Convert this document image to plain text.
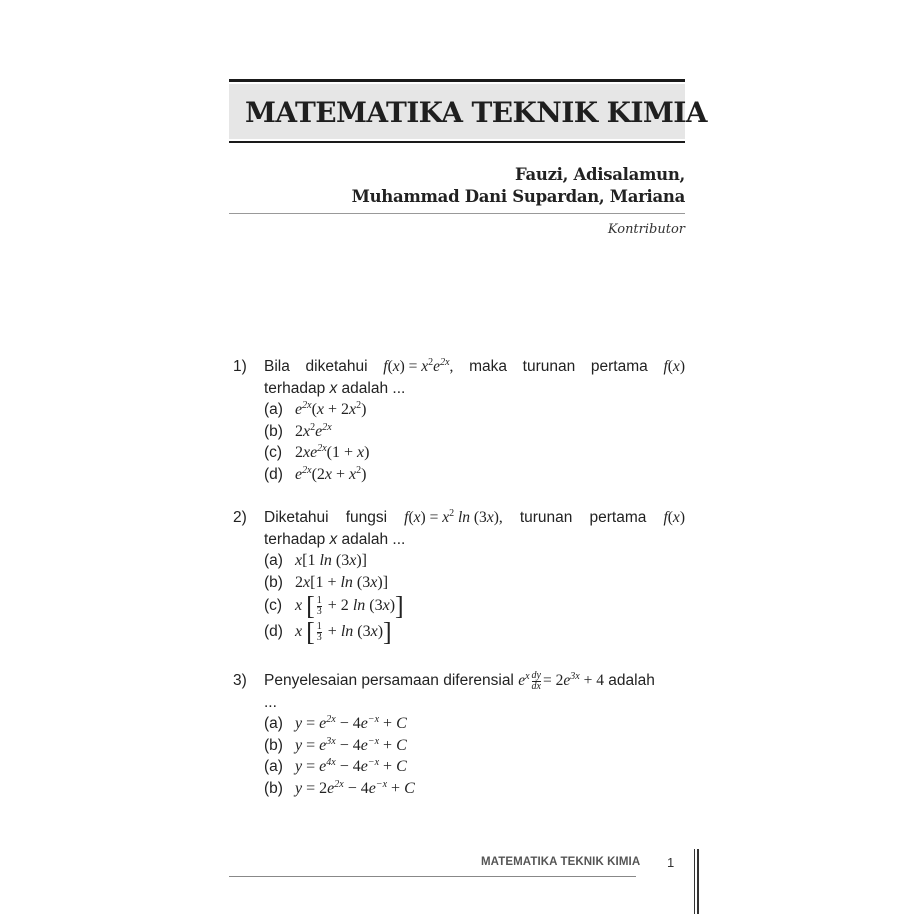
MATEMATIKA TEKNIK KIMIA
Fauzi, Adisalamun,
Muhammad Dani Supardan, Mariana
Kontributor
1) Bila diketahui $f(x) = x^2e^{2x}$, maka turunan pertama f(x)
terhadap x adalah ...
(a) $e^{2x}(x + 2x^2)$
(b) $2x^2e^{2x}$
(c) $2xe^{2x}(1 + x)$
(d) $e^{2x}(2x + x^2)$
2) Diketahui fungsi $f(x) = x^2$ ln (3x), turunan pertama f(x)
terhadap x adalah ...
(a) x[1 ln (3x)]
(b) 2x[1 + ln (3x)]
(c) x [ $\frac{1}{3} + 2$ ln (3x)]
(d) x [ $\frac{1}{3} + \ln (3x)$]
3) Penyelesaian persamaan diferensial $e^x \frac{dy}{dx} = 2e^{3x} + 4$ adalah
...
(a) $y = e^{2x} - 4e^{-x} + C$
(b) $y = e^{3x} - 4e^{-x} + C$
(a) $y = e^{4x} - 4e^{-x} + C$
(b) $y = 2e^{2x} - 4e^{-x} + C$
MATEMATIKA TEKNIK KIMIA 1
